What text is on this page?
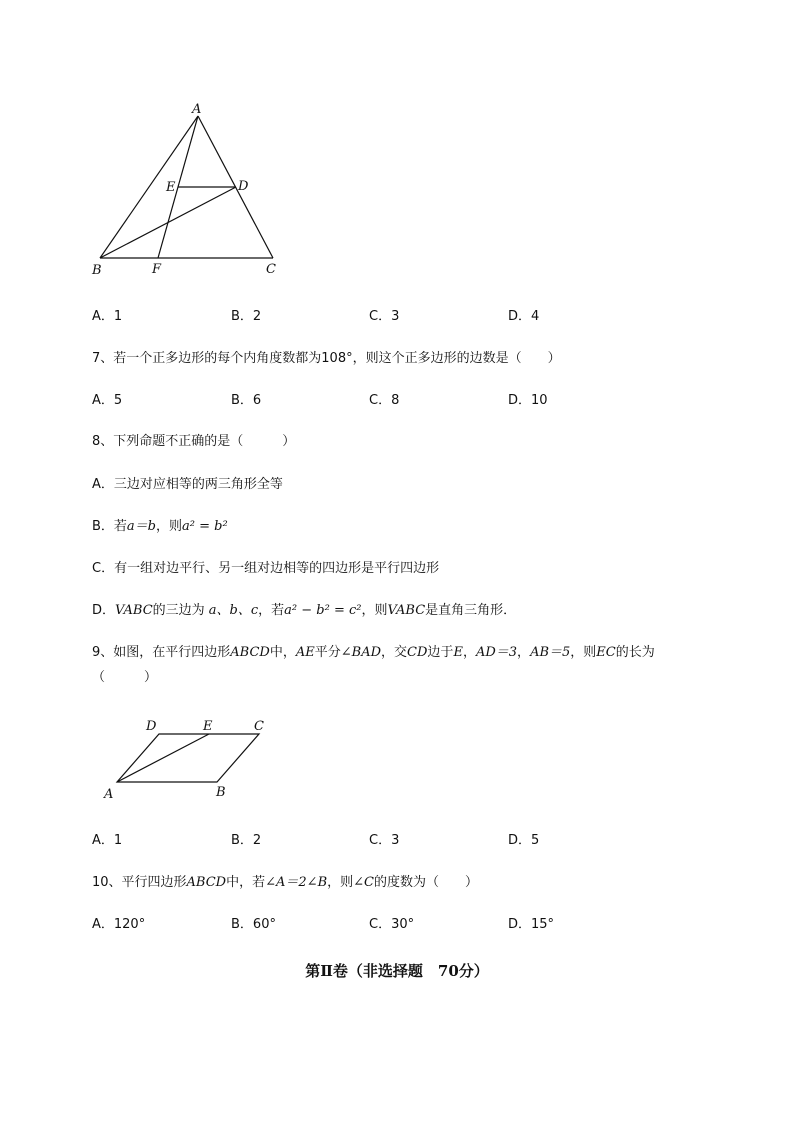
A
D
E
B	F	C
A．1	B．2	C．3	D．4
7、若一个正多边形的每个内角度数都为108°，则这个正多边形的边数是（　　）
A．5	B．6	C．8	D．10
8、下列命题不正确的是（　　　）
A．三边对应相等的两三角形全等
B．若a＝b，则a² = b²
C．有一组对边平行、另一组对边相等的四边形是平行四边形
D．VABC的三边为 a、b、c，若a² − b² = c²，则VABC是直角三角形．
9、如图，在平行四边形ABCD中，AE平分∠BAD，交CD边于E，AD＝3，AB＝5，则EC的长为
（　　　）
D	E	C
A	B
A．1	B．2	C．3	D．5
10、平行四边形ABCD中，若∠A＝2∠B，则∠C的度数为（　　）
A．120°	B．60°	C．30°	D．15°
第Ⅱ卷（非选择题　70分）
